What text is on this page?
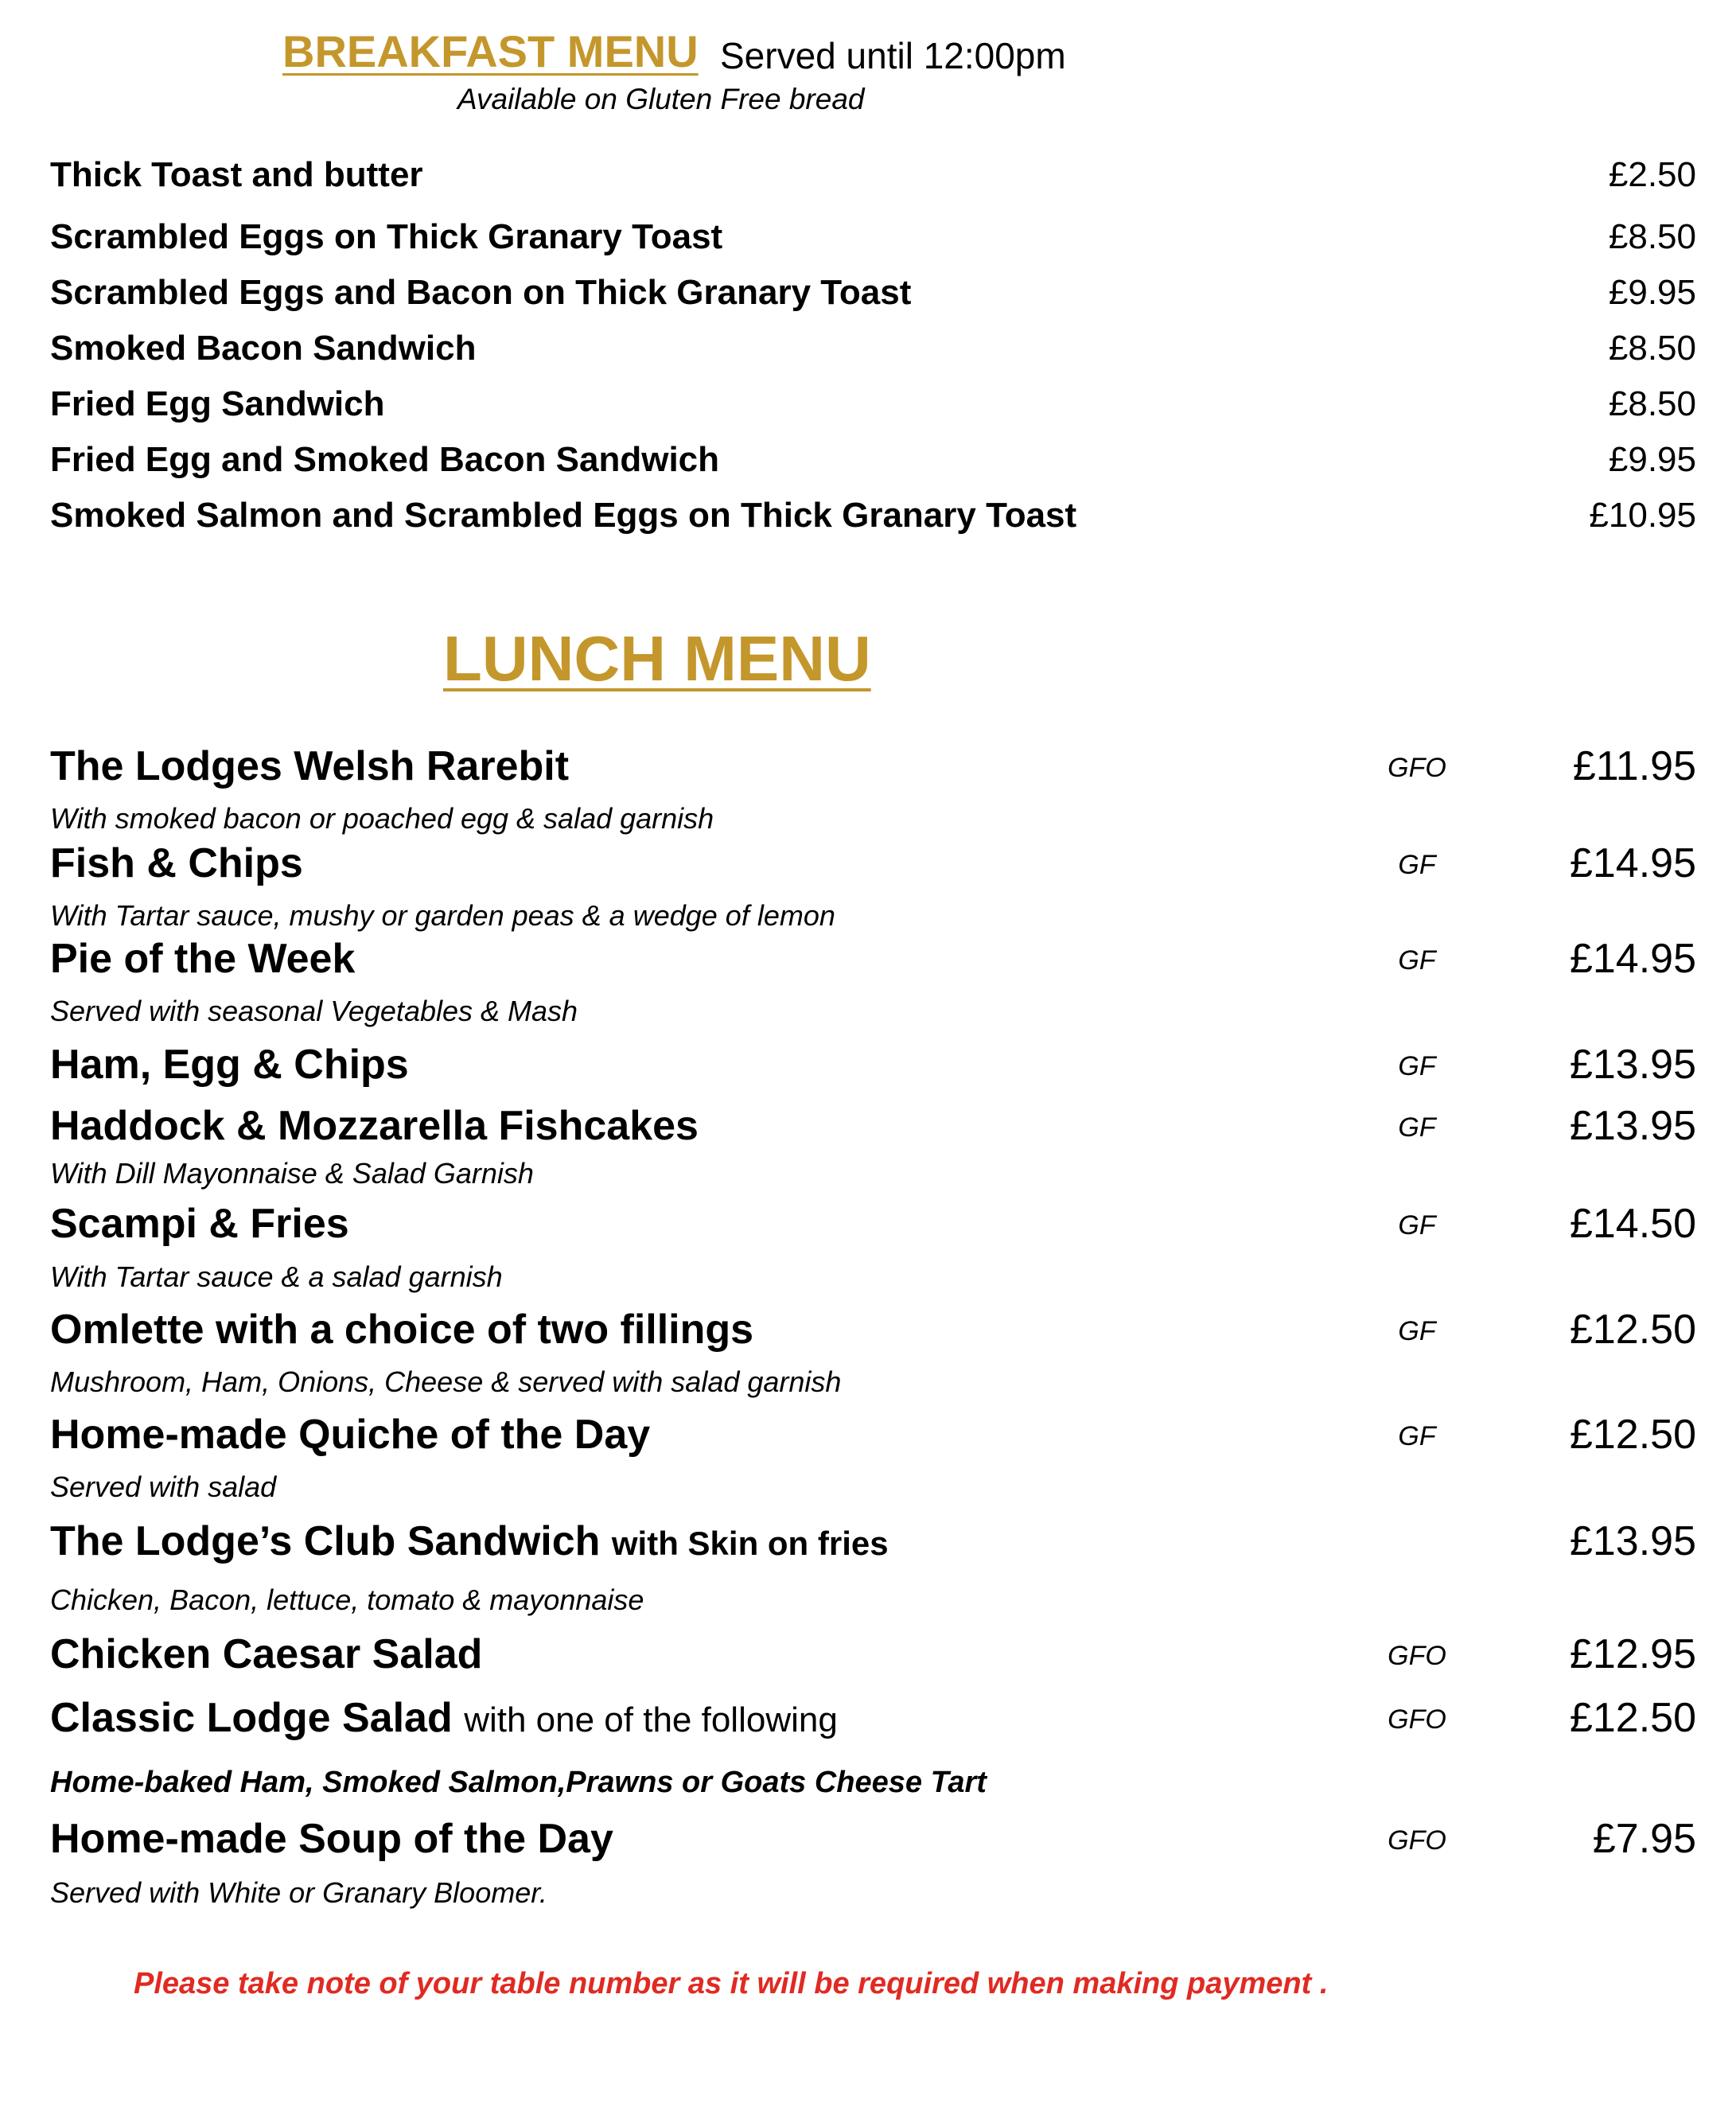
BREAKFAST MENU Served until 12:00pm
Available on Gluten Free bread
Thick Toast and butter	£2.50
Scrambled Eggs on Thick Granary Toast	£8.50
Scrambled Eggs and Bacon on Thick Granary Toast	£9.95
Smoked Bacon Sandwich	£8.50
Fried Egg Sandwich	£8.50
Fried Egg and Smoked Bacon Sandwich	£9.95
Smoked Salmon and Scrambled Eggs on Thick Granary Toast	£10.95
LUNCH MENU
The Lodges Welsh Rarebit	GFO	£11.95
With smoked bacon or poached egg & salad garnish
Fish & Chips	GF	£14.95
With Tartar sauce, mushy or garden peas & a wedge of lemon
Pie of the Week	GF	£14.95
Served with seasonal Vegetables & Mash
Ham, Egg & Chips	GF	£13.95
Haddock & Mozzarella Fishcakes	GF	£13.95
With Dill Mayonnaise & Salad Garnish
Scampi & Fries	GF	£14.50
With Tartar sauce & a salad garnish
Omlette with a choice of two fillings	GF	£12.50
Mushroom, Ham, Onions, Cheese & served with salad garnish
Home-made Quiche of the Day	GF	£12.50
Served with salad
The Lodge’s Club Sandwich with Skin on fries	£13.95
Chicken, Bacon, lettuce, tomato & mayonnaise
Chicken Caesar Salad	GFO	£12.95
Classic Lodge Salad with one of the following	GFO	£12.50
Home-baked Ham, Smoked Salmon,Prawns or Goats Cheese Tart
Home-made Soup of the Day	GFO	£7.95
Served with White or Granary Bloomer.
Please take note of your table number as it will be required when making payment .
